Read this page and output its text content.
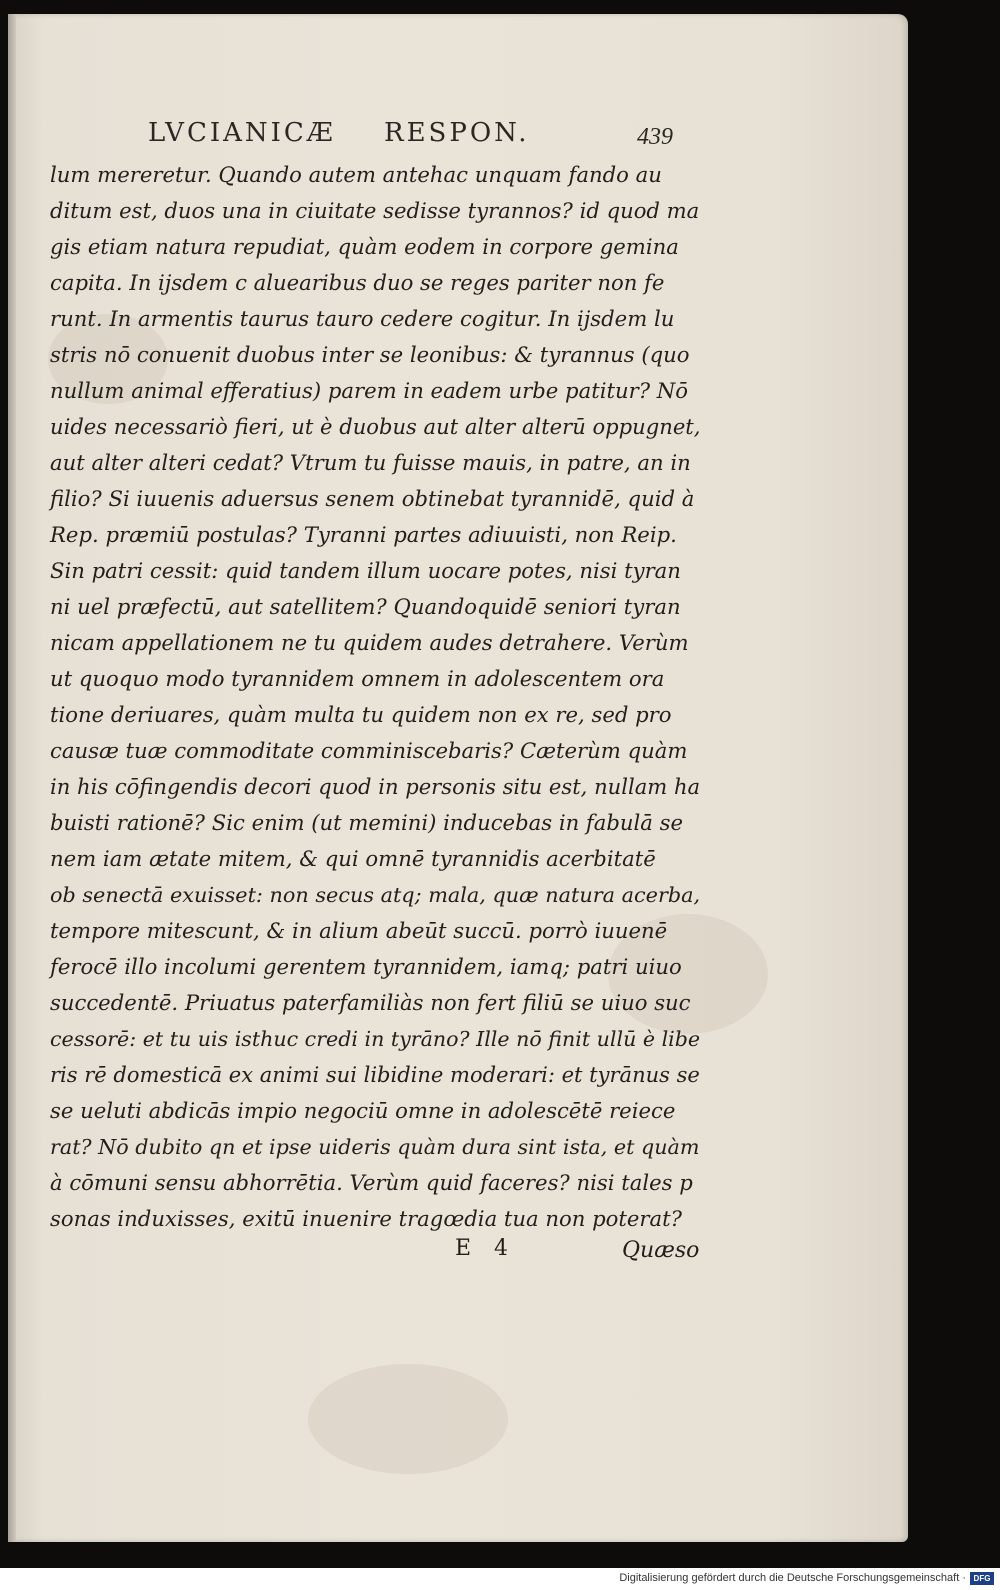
LVCIANICÆ RESPON.	439
lum mereretur. Quando autem antehac unquam fando au
ditum est, duos una in ciuitate sedisse tyrannos? id quod ma
gis etiam natura repudiat, quàm eodem in corpore gemina
capita. In ijsdem c aluearibus duo se reges pariter non fe
runt. In armentis taurus tauro cedere cogitur. In ijsdem lu
stris nō conuenit duobus inter se leonibus: & tyrannus (quo
nullum animal efferatius) parem in eadem urbe patitur? Nō
uides necessariò fieri, ut è duobus aut alter alterū oppugnet,
aut alter alteri cedat? Vtrum tu fuisse mauis, in patre, an in
filio? Si iuuenis aduersus senem obtinebat tyrannidē, quid à
Rep. præmiū postulas? Tyranni partes adiuuisti, non Reip.
Sin patri cessit: quid tandem illum uocare potes, nisi tyran
ni uel præfectū, aut satellitem? Quandoquidē seniori tyran
nicam appellationem ne tu quidem audes detrahere. Verùm
ut quoquo modo tyrannidem omnem in adolescentem ora
tione deriuares, quàm multa tu quidem non ex re, sed pro
causæ tuæ commoditate comminiscebaris? Cæterùm quàm
in his cōfingendis decori quod in personis situ est, nullam ha
buisti rationē? Sic enim (ut memini) inducebas in fabulā se
nem iam ætate mitem, & qui omnē tyrannidis acerbitatē
ob senectā exuisset: non secus atq; mala, quæ natura acerba,
tempore mitescunt, & in alium abeūt succū. porrò iuuenē
ferocē illo incolumi gerentem tyrannidem, iamq; patri uiuo
succedentē. Priuatus paterfamiliàs non fert filiū se uiuo suc
cessorē: et tu uis isthuc credi in tyrāno? Ille nō finit ullū è libe
ris rē domesticā ex animi sui libidine moderari: et tyrānus se
se ueluti abdicās impio negociū omne in adolescētē reiece
rat? Nō dubito qn et ipse uideris quàm dura sint ista, et quàm
à cōmuni sensu abhorrētia. Verùm quid faceres? nisi tales p
sonas induxisses, exitū inuenire tragœdia tua non poterat?
E 4	Quæso
Digitalisierung gefördert durch die Deutsche Forschungsgemeinschaft · DFG
